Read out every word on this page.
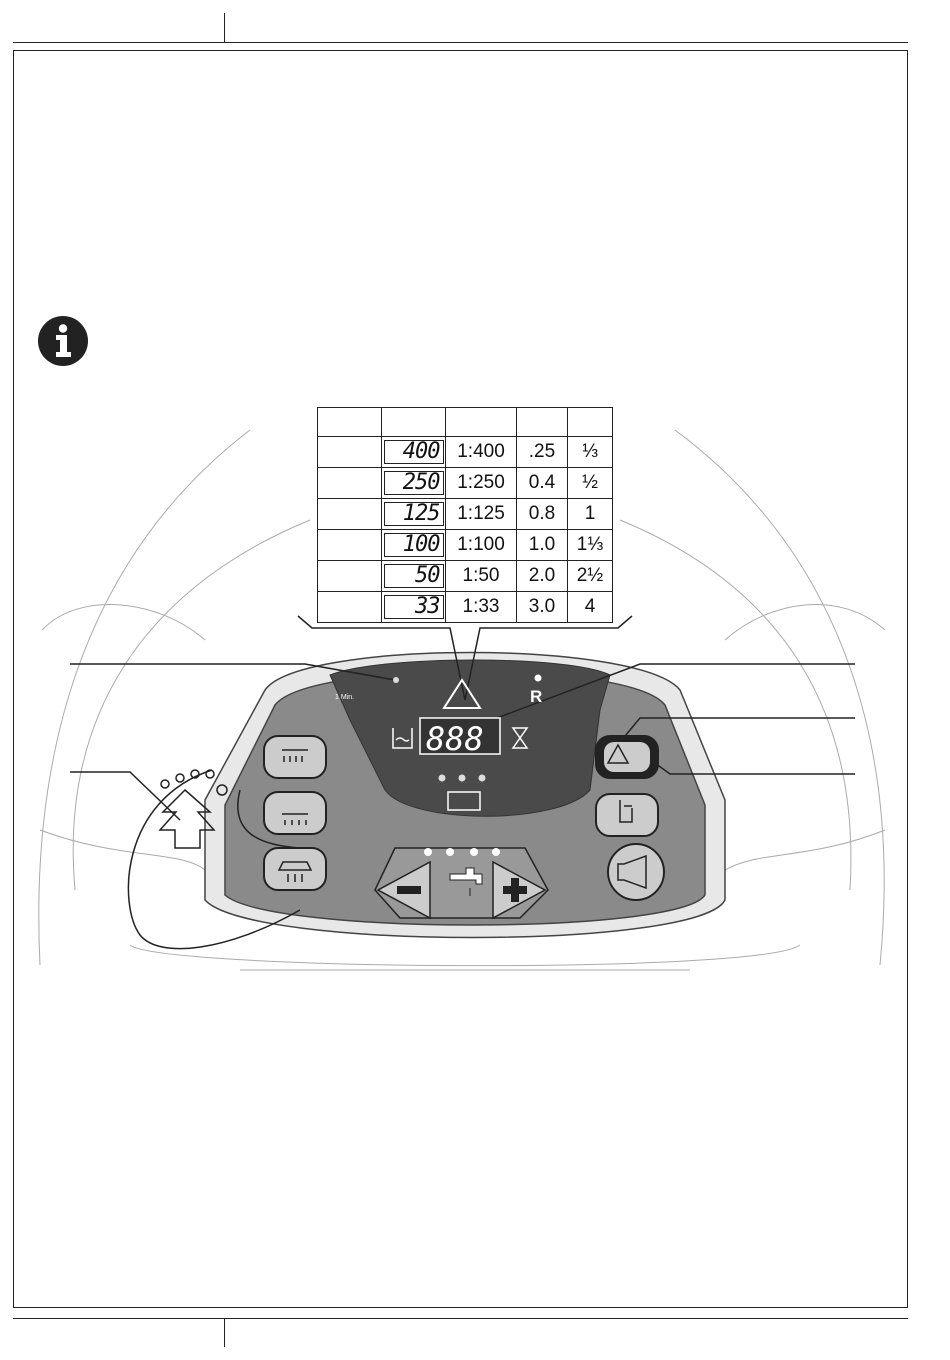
1 Min.	R
888

	400	1:400	.25	⅓
	250	1:250	0.4	½
	125	1:125	0.8	1
	100	1:100	1.0	1⅓
	50	1:50	2.0	2½
	33	1:33	3.0	4
